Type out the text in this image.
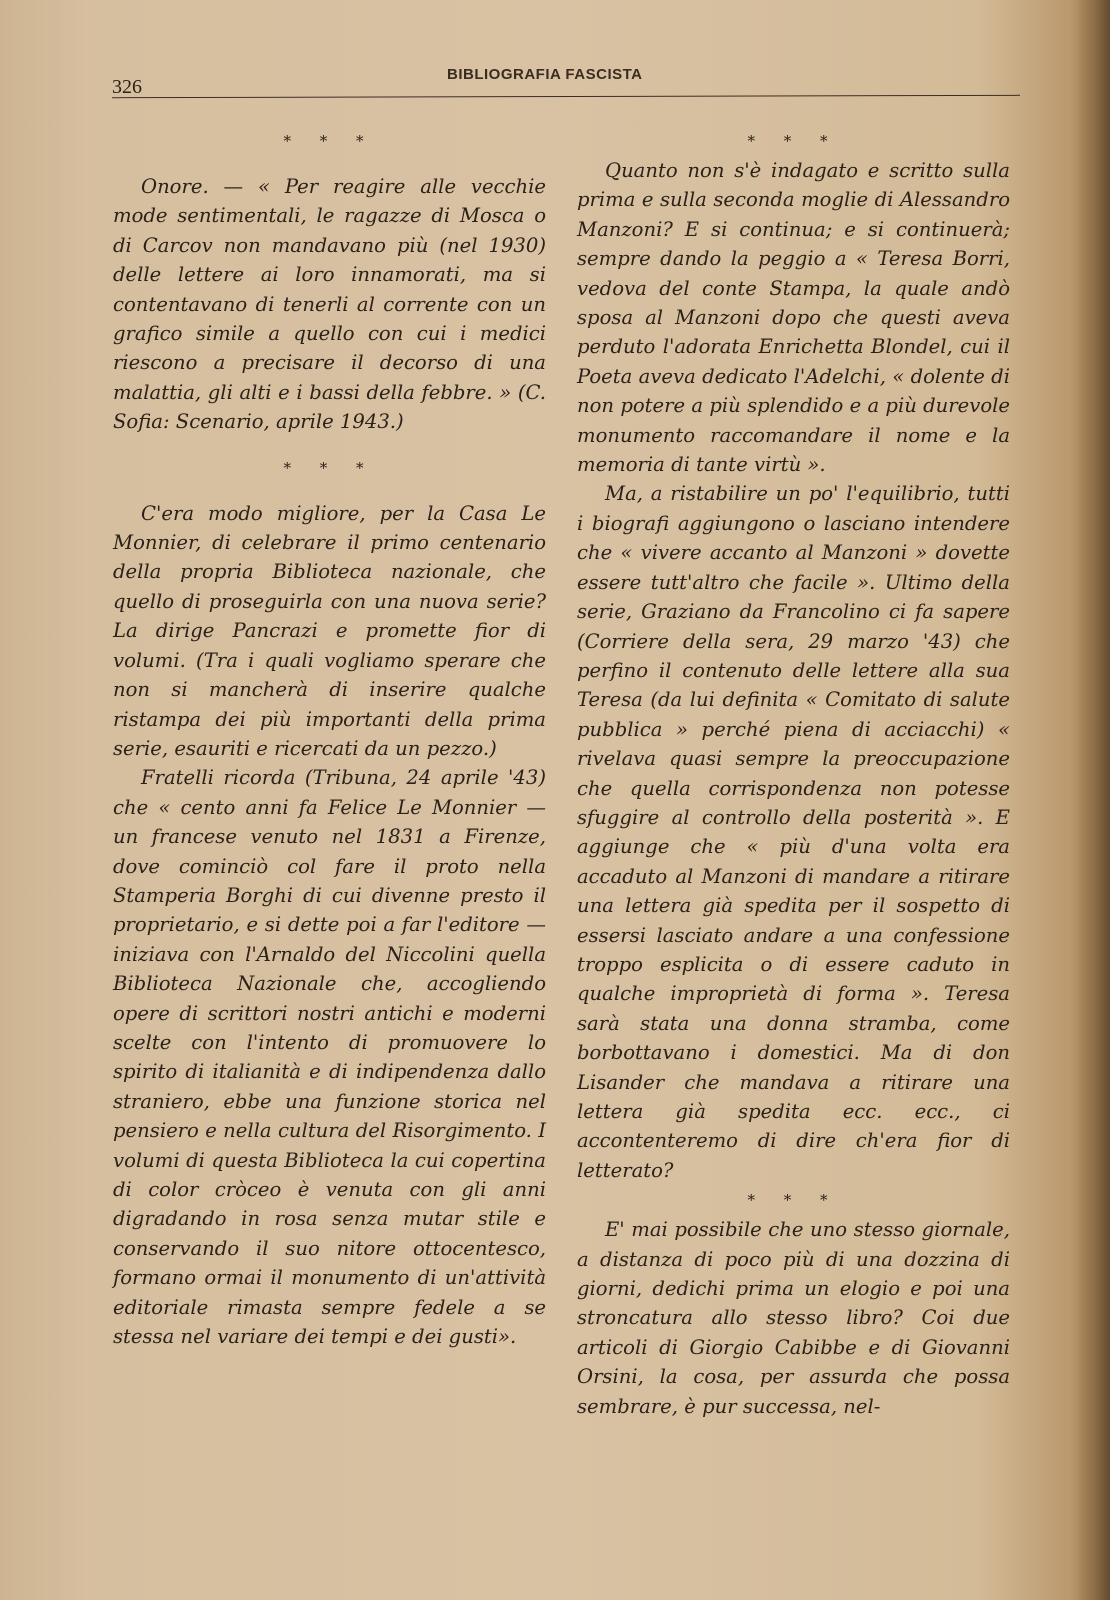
326
BIBLIOGRAFIA FASCISTA
* * *

Onore. — « Per reagire alle vecchie mode sentimentali, le ragazze di Mosca o di Carcov non mandavano più (nel 1930) delle lettere ai loro innamorati, ma si contentavano di tenerli al corrente con un grafico simile a quello con cui i medici riescono a precisare il decorso di una malattia, gli alti e i bassi della febbre. » (C. Sofia: Scenario, aprile 1943.)

* * *

C'era modo migliore, per la Casa Le Monnier, di celebrare il primo centenario della propria Biblioteca nazionale, che quello di proseguirla con una nuova serie? La dirige Pancrazi e promette fior di volumi. (Tra i quali vogliamo sperare che non si mancherà di inserire qualche ristampa dei più importanti della prima serie, esauriti e ricercati da un pezzo.)

Fratelli ricorda (Tribuna, 24 aprile '43) che « cento anni fa Felice Le Monnier — un francese venuto nel 1831 a Firenze, dove cominciò col fare il proto nella Stamperia Borghi di cui divenne presto il proprietario, e si dette poi a far l'editore — iniziava con l'Arnaldo del Niccolini quella Biblioteca Nazionale che, accogliendo opere di scrittori nostri antichi e moderni scelte con l'intento di promuovere lo spirito di italianità e di indipendenza dallo straniero, ebbe una funzione storica nel pensiero e nella cultura del Risorgimento. I volumi di questa Biblioteca la cui copertina di color cròceo è venuta con gli anni digradando in rosa senza mutar stile e conservando il suo nitore ottocentesco, formano ormai il monumento di un'attività editoriale rimasta sempre fedele a se stessa nel variare dei tempi e dei gusti».

* * *

Quanto non s'è indagato e scritto sulla prima e sulla seconda moglie di Alessandro Manzoni? E si continua; e si continuerà; sempre dando la peggio a « Teresa Borri, vedova del conte Stampa, la quale andò sposa al Manzoni dopo che questi aveva perduto l'adorata Enrichetta Blondel, cui il Poeta aveva dedicato l'Adelchi, « dolente di non potere a più splendido e a più durevole monumento raccomandare il nome e la memoria di tante virtù ».

Ma, a ristabilire un po' l'equilibrio, tutti i biografi aggiungono o lasciano intendere che « vivere accanto al Manzoni » dovette essere tutt'altro che facile ». Ultimo della serie, Graziano da Francolino ci fa sapere (Corriere della sera, 29 marzo '43) che perfino il contenuto delle lettere alla sua Teresa (da lui definita « Comitato di salute pubblica » perché piena di acciacchi) « rivelava quasi sempre la preoccupazione che quella corrispondenza non potesse sfuggire al controllo della posterità ». E aggiunge che « più d'una volta era accaduto al Manzoni di mandare a ritirare una lettera già spedita per il sospetto di essersi lasciato andare a una confessione troppo esplicita o di essere caduto in qualche improprietà di forma ». Teresa sarà stata una donna stramba, come borbottavano i domestici. Ma di don Lisander che mandava a ritirare una lettera già spedita ecc. ecc., ci accontenteremo di dire ch'era fior di letterato?

* * *

E' mai possibile che uno stesso giornale, a distanza di poco più di una dozzina di giorni, dedichi prima un elogio e poi una stroncatura allo stesso libro? Coi due articoli di Giorgio Cabibbe e di Giovanni Orsini, la cosa, per assurda che possa sembrare, è pur successa, nel-
